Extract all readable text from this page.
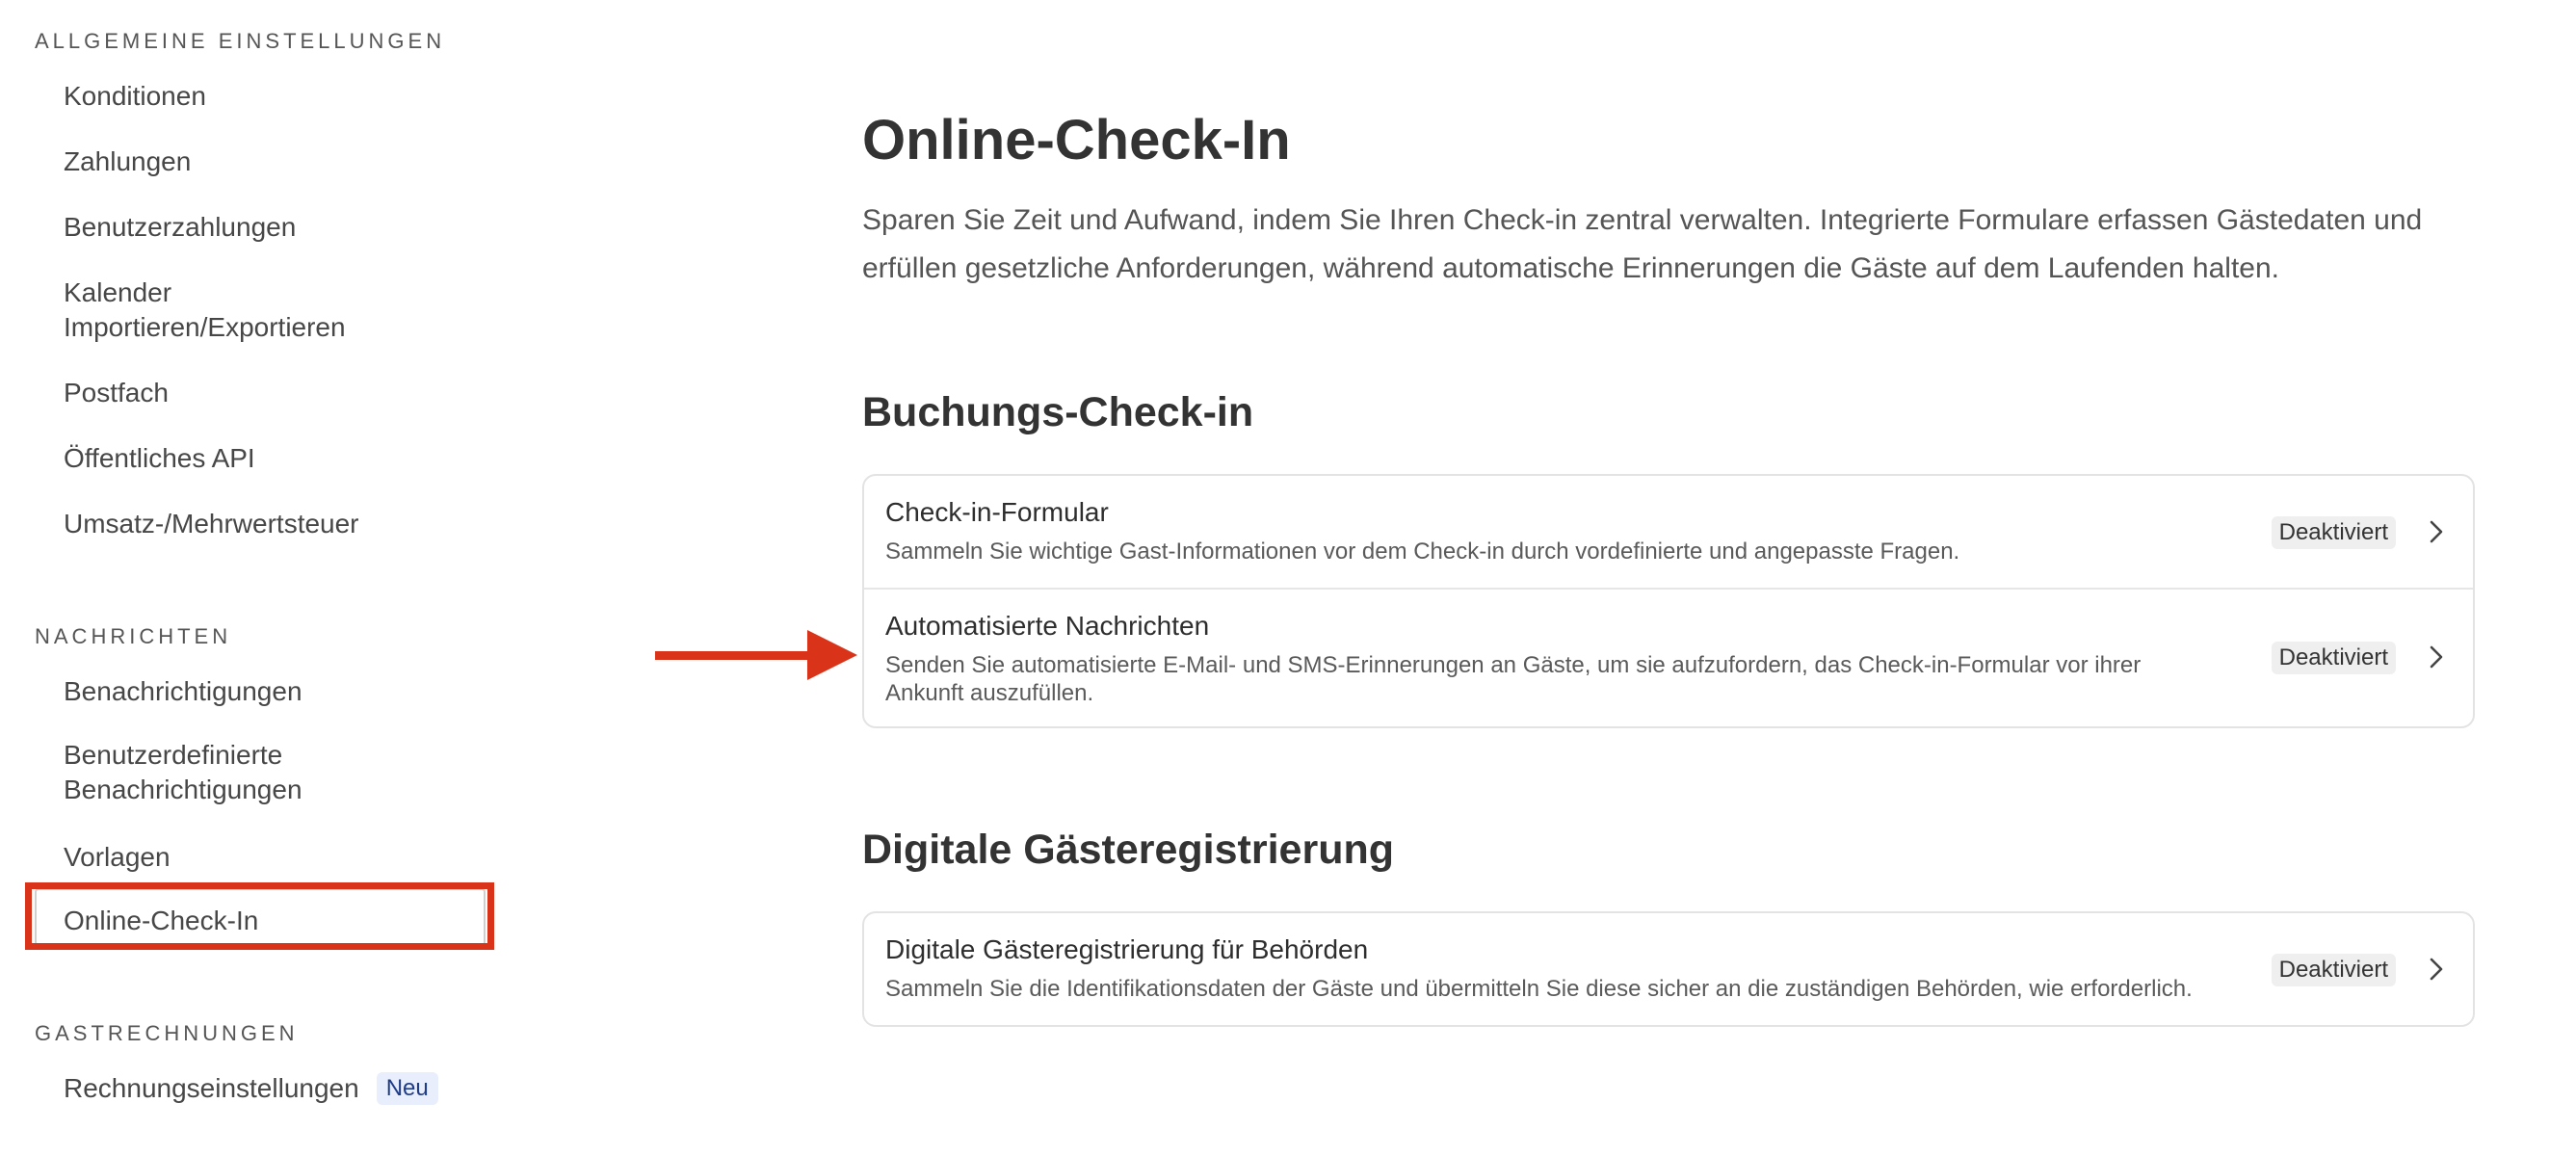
ALLGEMEINE EINSTELLUNGEN
Konditionen
Zahlungen
Benutzerzahlungen
Kalender
Importieren/Exportieren
Postfach
Öffentliches API
Umsatz-/Mehrwertsteuer
NACHRICHTEN
Benachrichtigungen
Benutzerdefinierte
Benachrichtigungen
Vorlagen
Online-Check-In
GASTRECHNUNGEN
Rechnungseinstellungen Neu
Online-Check-In

Sparen Sie Zeit und Aufwand, indem Sie Ihren Check-in zentral verwalten. Integrierte Formulare erfassen Gästedaten und erfüllen gesetzliche Anforderungen, während automatische Erinnerungen die Gäste auf dem Laufenden halten.

Buchungs-Check-in
Check-in-Formular
Sammeln Sie wichtige Gast-Informationen vor dem Check-in durch vordefinierte und angepasste Fragen.
Deaktiviert
Automatisierte Nachrichten
Senden Sie automatisierte E-Mail- und SMS-Erinnerungen an Gäste, um sie aufzufordern, das Check-in-Formular vor ihrer Ankunft auszufüllen.
Deaktiviert
Digitale Gästeregistrierung
Digitale Gästeregistrierung für Behörden
Sammeln Sie die Identifikationsdaten der Gäste und übermitteln Sie diese sicher an die zuständigen Behörden, wie erforderlich.
Deaktiviert
